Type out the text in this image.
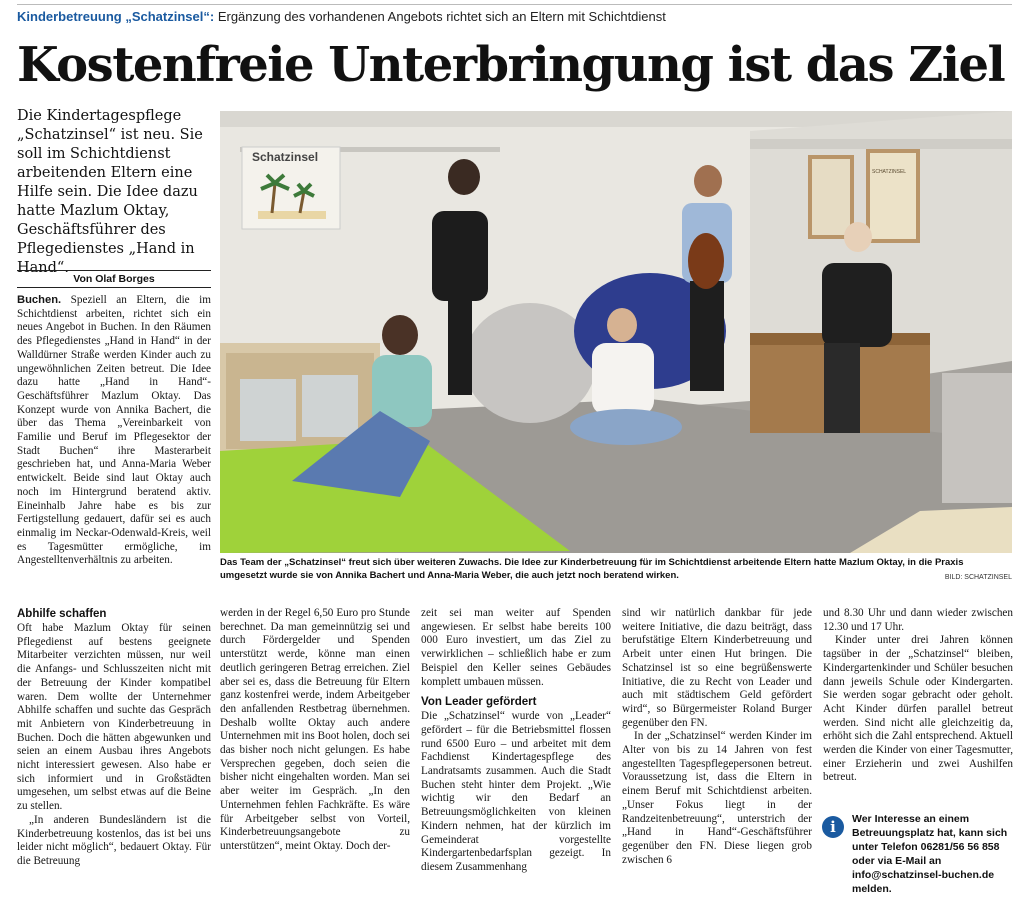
Kinderbetreuung „Schatzinsel“: Ergänzung des vorhandenen Angebots richtet sich an Eltern mit Schichtdienst
Kostenfreie Unterbringung ist das Ziel
Die Kindertagespflege „Schatzinsel“ ist neu. Sie soll im Schichtdienst arbeitenden Eltern eine Hilfe sein. Die Idee dazu hatte Mazlum Oktay, Geschäftsführer des Pflegedienstes „Hand in Hand“.
Von Olaf Borges

Buchen. Speziell an Eltern, die im Schichtdienst arbeiten, richtet sich ein neues Angebot in Buchen. In den Räumen des Pflegedienstes „Hand in Hand“ in der Walldürner Straße werden Kinder auch zu ungewöhnlichen Zeiten betreut. Die Idee dazu hatte „Hand in Hand“-Geschäftsführer Mazlum Oktay. Das Konzept wurde von Annika Bachert, die über das Thema „Vereinbarkeit von Familie und Beruf im Pflegesektor der Stadt Buchen“ ihre Masterarbeit geschrieben hat, und Anna-Maria Weber entwickelt. Beide sind laut Oktay auch noch im Hintergrund beratend aktiv. Eineinhalb Jahre habe es bis zur Fertigstellung gedauert, dafür sei es auch einmalig im Neckar-Odenwald-Kreis, weil es Tagesmütter ermögliche, im Angestelltenverhältnis zu arbeiten.

Abhilfe schaffen

Oft habe Mazlum Oktay für seinen Pflegedienst auf bestens geeignete Mitarbeiter verzichten müssen, nur weil die Anfangs- und Schlusszeiten nicht mit der Betreuung der Kinder kompatibel waren. Dem wollte der Unternehmer Abhilfe schaffen und suchte das Gespräch mit Anbietern von Kinderbetreuung in Buchen. Doch die hätten abgewunken und seien an einem Ausbau ihres Angebots nicht interessiert gewesen. Also habe er sich informiert und in Großstädten umgesehen, um selbst etwas auf die Beine zu stellen.

„In anderen Bundesländern ist die Kinderbetreuung kostenlos, das ist bei uns leider nicht möglich“, bedauert Oktay. Für die Betreuung

Schatzinsel
SCHATZINSEL
Das Team der „Schatzinsel“ freut sich über weiteren Zuwachs. Die Idee zur Kinderbetreuung für im Schichtdienst arbeitende Eltern hatte Mazlum Oktay, in die Praxis umgesetzt wurde sie von Annika Bachert und Anna-Maria Weber, die auch jetzt noch beratend wirken.	BILD: SCHATZINSEL

werden in der Regel 6,50 Euro pro Stunde berechnet. Da man gemeinnützig sei und durch Fördergelder und Spenden unterstützt werde, könne man einen deutlich geringeren Betrag erreichen. Ziel aber sei es, dass die Betreuung für Eltern ganz kostenfrei werde, indem Arbeitgeber den anfallenden Restbetrag übernehmen. Deshalb wollte Oktay auch andere Unternehmen mit ins Boot holen, doch sei das bisher noch nicht gelungen. Es habe Versprechen gegeben, doch seien die bisher nicht eingehalten worden. Man sei aber weiter im Gespräch. „In den Unternehmen fehlen Fachkräfte. Es wäre für Arbeitgeber selbst von Vorteil, Kinderbetreuungsangebote zu unterstützen“, meint Oktay. Doch der-

zeit sei man weiter auf Spenden angewiesen. Er selbst habe bereits 100 000 Euro investiert, um das Ziel zu verwirklichen – schließlich habe er zum Beispiel den Keller seines Gebäudes komplett umbauen müssen.

Von Leader gefördert

Die „Schatzinsel“ wurde von „Leader“ gefördert – für die Betriebsmittel flossen rund 6500 Euro – und arbeitet mit dem Fachdienst Kindertagespflege des Landratsamts zusammen. Auch die Stadt Buchen steht hinter dem Projekt. „Wie wichtig wir den Bedarf an Betreuungsmöglichkeiten von kleinen Kindern nehmen, hat der kürzlich im Gemeinderat vorgestellte Kindergartenbedarfsplan gezeigt. In diesem Zusammenhang

sind wir natürlich dankbar für jede weitere Initiative, die dazu beiträgt, dass berufstätige Eltern Kinderbetreuung und Arbeit unter einen Hut bringen. Die Schatzinsel ist so eine begrüßenswerte Initiative, die zu Recht von Leader und auch mit städtischem Geld gefördert wird“, so Bürgermeister Roland Burger gegenüber den FN.

In der „Schatzinsel“ werden Kinder im Alter von bis zu 14 Jahren von fest angestellten Tagespflegepersonen betreut. Voraussetzung ist, dass die Eltern in einem Beruf mit Schichtdienst arbeiten. „Unser Fokus liegt in der Randzeitenbetreuung“, unterstrich der „Hand in Hand“-Geschäftsführer gegenüber den FN. Diese liegen grob zwischen 6

und 8.30 Uhr und dann wieder zwischen 12.30 und 17 Uhr.

Kinder unter drei Jahren können tagsüber in der „Schatzinsel“ bleiben, Kindergartenkinder und Schüler besuchen dann jeweils Schule oder Kindergarten. Sie werden sogar gebracht oder geholt. Acht Kinder dürfen parallel betreut werden. Sind nicht alle gleichzeitig da, erhöht sich die Zahl entsprechend. Aktuell werden die Kinder von einer Tagesmutter, einer Erzieherin und zwei Aushilfen betreut.

i	Wer Interesse an einem Betreuungsplatz hat, kann sich unter Telefon 06281/56 56 858 oder via E-Mail an info@schatzinsel-buchen.de melden.
